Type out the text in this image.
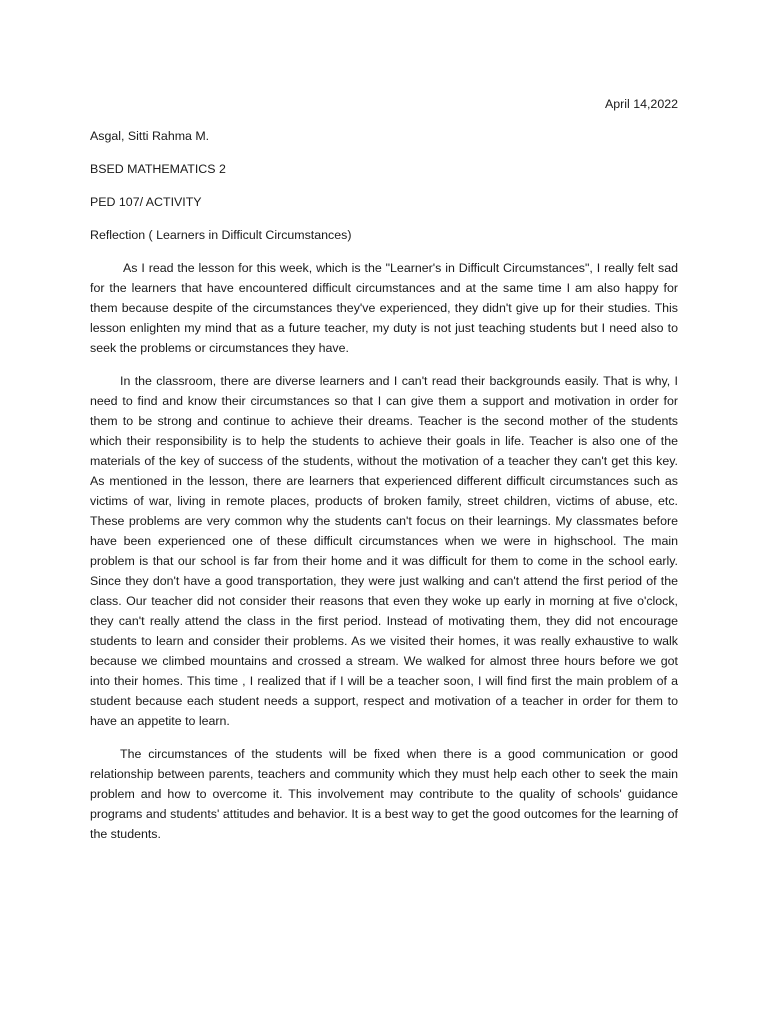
April 14,2022

Asgal, Sitti Rahma M.

BSED MATHEMATICS 2

PED 107/ ACTIVITY

Reflection ( Learners in Difficult Circumstances)

As I read the lesson for this week, which is the "Learner's in Difficult Circumstances", I really felt sad for the learners that have encountered difficult circumstances and at the same time I am also happy for them because despite of the circumstances they've experienced, they didn't give up for their studies. This lesson enlighten my mind that as a future teacher, my duty is not just teaching students but I need also to seek the problems or circumstances they have.

In the classroom, there are diverse learners and I can't read their backgrounds easily. That is why, I need to find and know their circumstances so that I can give them a support and motivation in order for them to be strong and continue to achieve their dreams. Teacher is the second mother of the students which their responsibility is to help the students to achieve their goals in life. Teacher is also one of the materials of the key of success of the students, without the motivation of a teacher they can't get this key. As mentioned in the lesson, there are learners that experienced different difficult circumstances such as victims of war, living in remote places, products of broken family, street children, victims of abuse, etc. These problems are very common why the students can't focus on their learnings. My classmates before have been experienced one of these difficult circumstances when we were in highschool. The main problem is that our school is far from their home and it was difficult for them to come in the school early. Since they don't have a good transportation, they were just walking and can't attend the first period of the class. Our teacher did not consider their reasons that even they woke up early in morning at five o'clock, they can't really attend the class in the first period. Instead of motivating them, they did not encourage students to learn and consider their problems. As we visited their homes, it was really exhaustive to walk because we climbed mountains and crossed a stream. We walked for almost three hours before we got into their homes. This time , I realized that if I will be a teacher soon, I will find first the main problem of a student because each student needs a support, respect and motivation of a teacher in order for them to have an appetite to learn.

The circumstances of the students will be fixed when there is a good communication or good relationship between parents, teachers and community which they must help each other to seek the main problem and how to overcome it. This involvement may contribute to the quality of schools' guidance programs and students' attitudes and behavior. It is a best way to get the good outcomes for the learning of the students.
